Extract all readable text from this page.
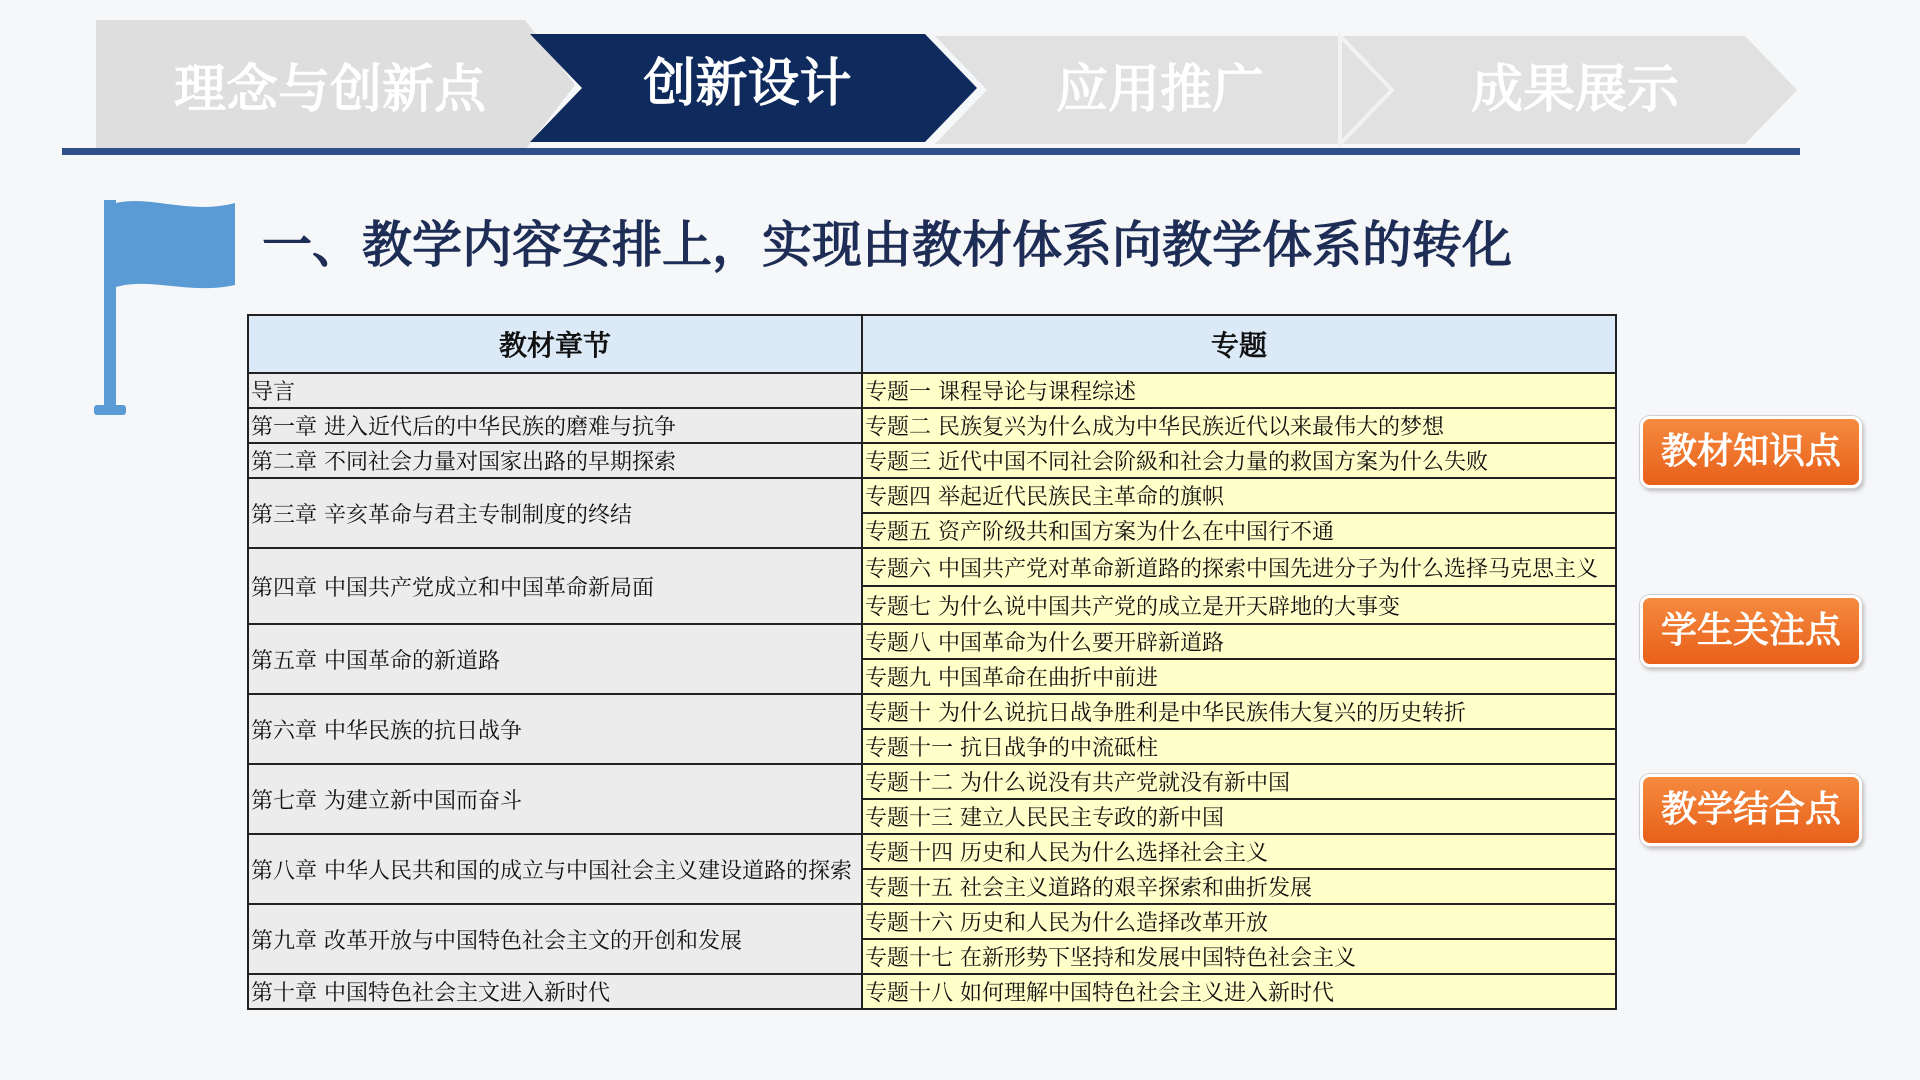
理念与创新点	创新设计	应用推广	成果展示
一、教学内容安排上，实现由教材体系向教学体系的转化
教材章节	专题
导言	专题一 课程导论与课程综述
第一章 进入近代后的中华民族的磨难与抗争	专题二 民族复兴为什么成为中华民族近代以来最伟大的梦想
第二章 不同社会力量对国家出路的早期探索	专题三 近代中国不同社会阶級和社会力量的救国方案为什么失败
第三章 辛亥革命与君主专制制度的终结	专题四 举起近代民族民主革命的旗帜
	专题五 资产阶级共和国方案为什么在中国行不通
第四章 中国共产党成立和中国革命新局面	专题六 中国共产党对革命新道路的探索中国先进分子为什么选择马克思主义
	专题七 为什么说中国共产党的成立是开天辟地的大事变
第五章 中国革命的新道路	专题八 中国革命为什么要开辟新道路
	专题九 中国革命在曲折中前进
第六章 中华民族的抗日战争	专题十 为什么说抗日战争胜利是中华民族伟大复兴的历史转折
	专题十一 抗日战争的中流砥柱
第七章 为建立新中国而奋斗	专题十二 为什么说没有共产党就没有新中国
	专题十三 建立人民民主专政的新中国
第八章 中华人民共和国的成立与中国社会主义建设道路的探索	专题十四 历史和人民为什么选择社会主义
	专题十五 社会主义道路的艰辛探索和曲折发展
第九章 改革开放与中国特色社会主文的开创和发展	专题十六 历史和人民为什么造择改革开放
	专题十七 在新形势下坚持和发展中国特色社会主义
第十章 中国特色社会主文进入新时代	专题十八 如何理解中国特色社会主义进入新时代
教材知识点
学生关注点
教学结合点
